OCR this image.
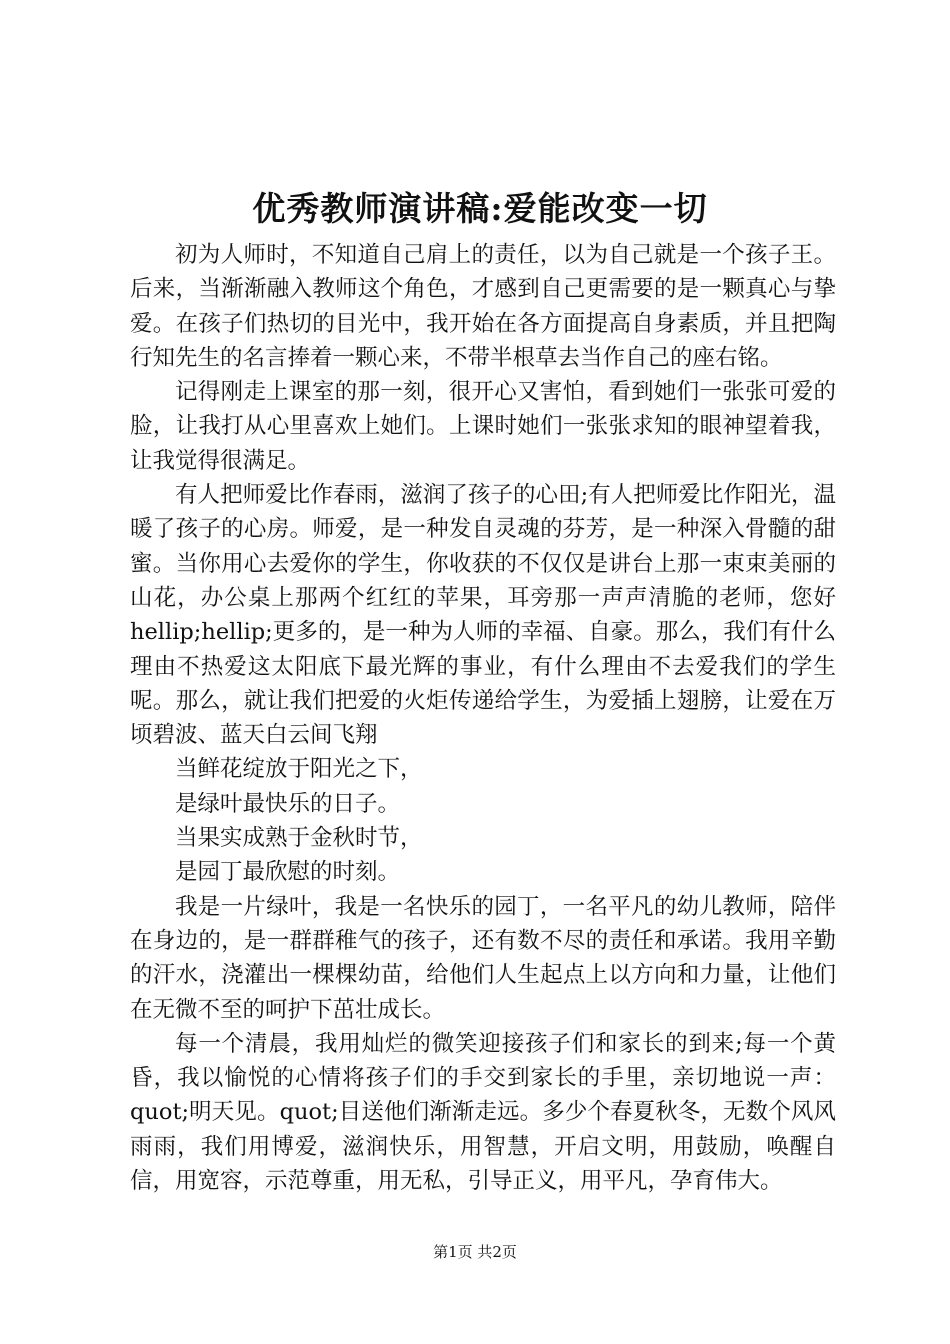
优秀教师演讲稿:爱能改变一切

初为人师时，不知道自己肩上的责任，以为自己就是一个孩子王。后来，当渐渐融入教师这个角色，才感到自己更需要的是一颗真心与挚爱。在孩子们热切的目光中，我开始在各方面提高自身素质，并且把陶行知先生的名言捧着一颗心来，不带半根草去当作自己的座右铭。

记得刚走上课室的那一刻，很开心又害怕，看到她们一张张可爱的脸，让我打从心里喜欢上她们。上课时她们一张张求知的眼神望着我，让我觉得很满足。

有人把师爱比作春雨，滋润了孩子的心田;有人把师爱比作阳光，温暖了孩子的心房。师爱，是一种发自灵魂的芬芳，是一种深入骨髓的甜蜜。当你用心去爱你的学生，你收获的不仅仅是讲台上那一束束美丽的山花，办公桌上那两个红红的苹果，耳旁那一声声清脆的老师，您好hellip;hellip;更多的，是一种为人师的幸福、自豪。那么，我们有什么理由不热爱这太阳底下最光辉的事业，有什么理由不去爱我们的学生呢。那么，就让我们把爱的火炬传递给学生，为爱插上翅膀，让爱在万顷碧波、蓝天白云间飞翔

当鲜花绽放于阳光之下，

是绿叶最快乐的日子。

当果实成熟于金秋时节，

是园丁最欣慰的时刻。

我是一片绿叶，我是一名快乐的园丁，一名平凡的幼儿教师，陪伴在身边的，是一群群稚气的孩子，还有数不尽的责任和承诺。我用辛勤的汗水，浇灌出一棵棵幼苗，给他们人生起点上以方向和力量，让他们在无微不至的呵护下茁壮成长。

每一个清晨，我用灿烂的微笑迎接孩子们和家长的到来;每一个黄昏，我以愉悦的心情将孩子们的手交到家长的手里，亲切地说一声：quot;明天见。quot;目送他们渐渐走远。多少个春夏秋冬，无数个风风雨雨，我们用博爱，滋润快乐，用智慧，开启文明，用鼓励，唤醒自信，用宽容，示范尊重，用无私，引导正义，用平凡，孕育伟大。

第1页 共2页
